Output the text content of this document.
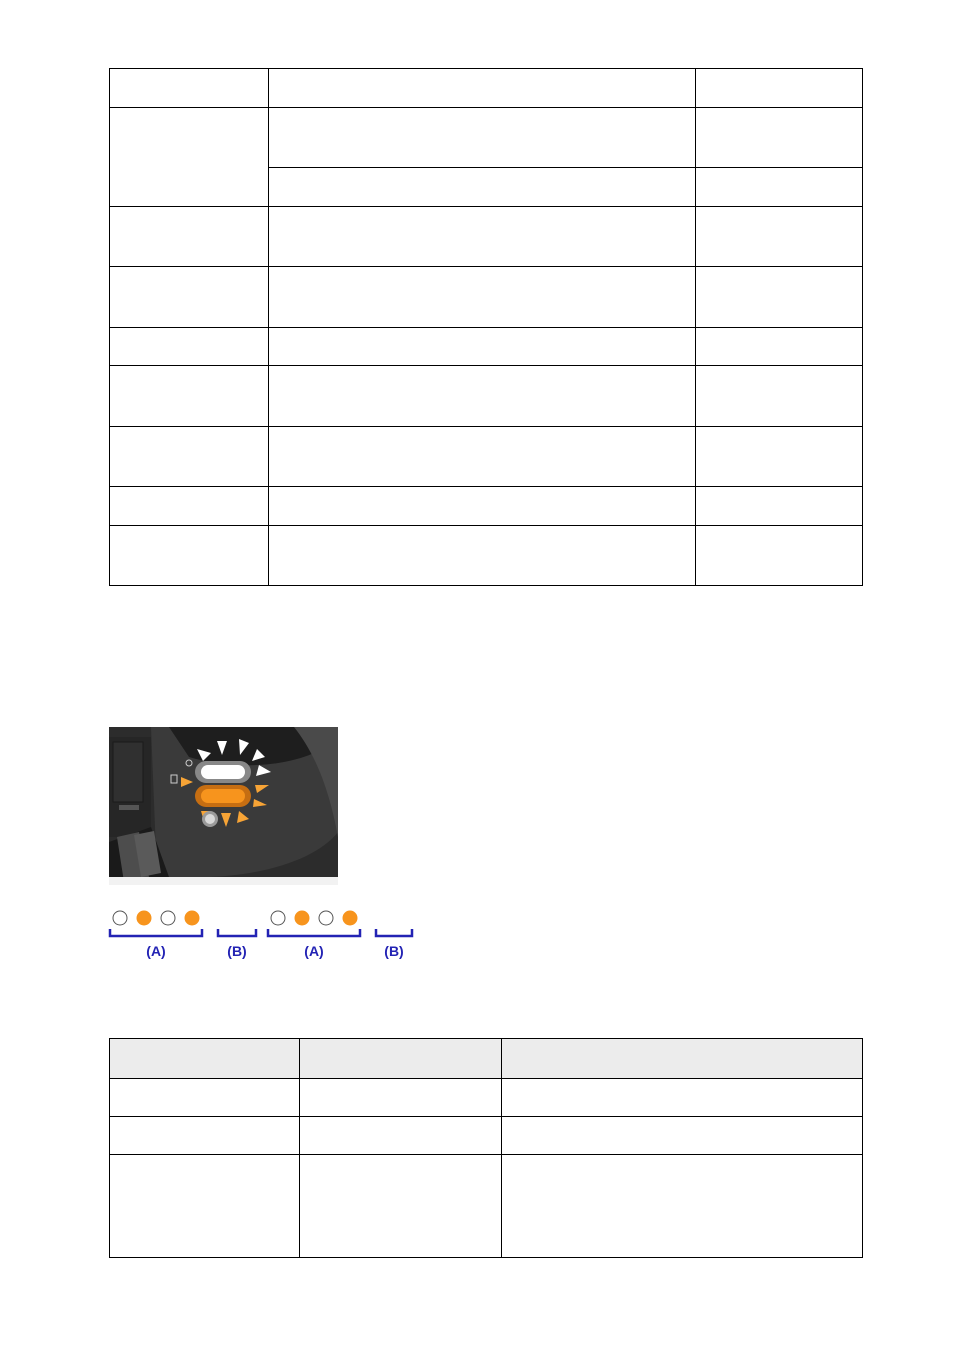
(A)	(B)	(A)	(B)
